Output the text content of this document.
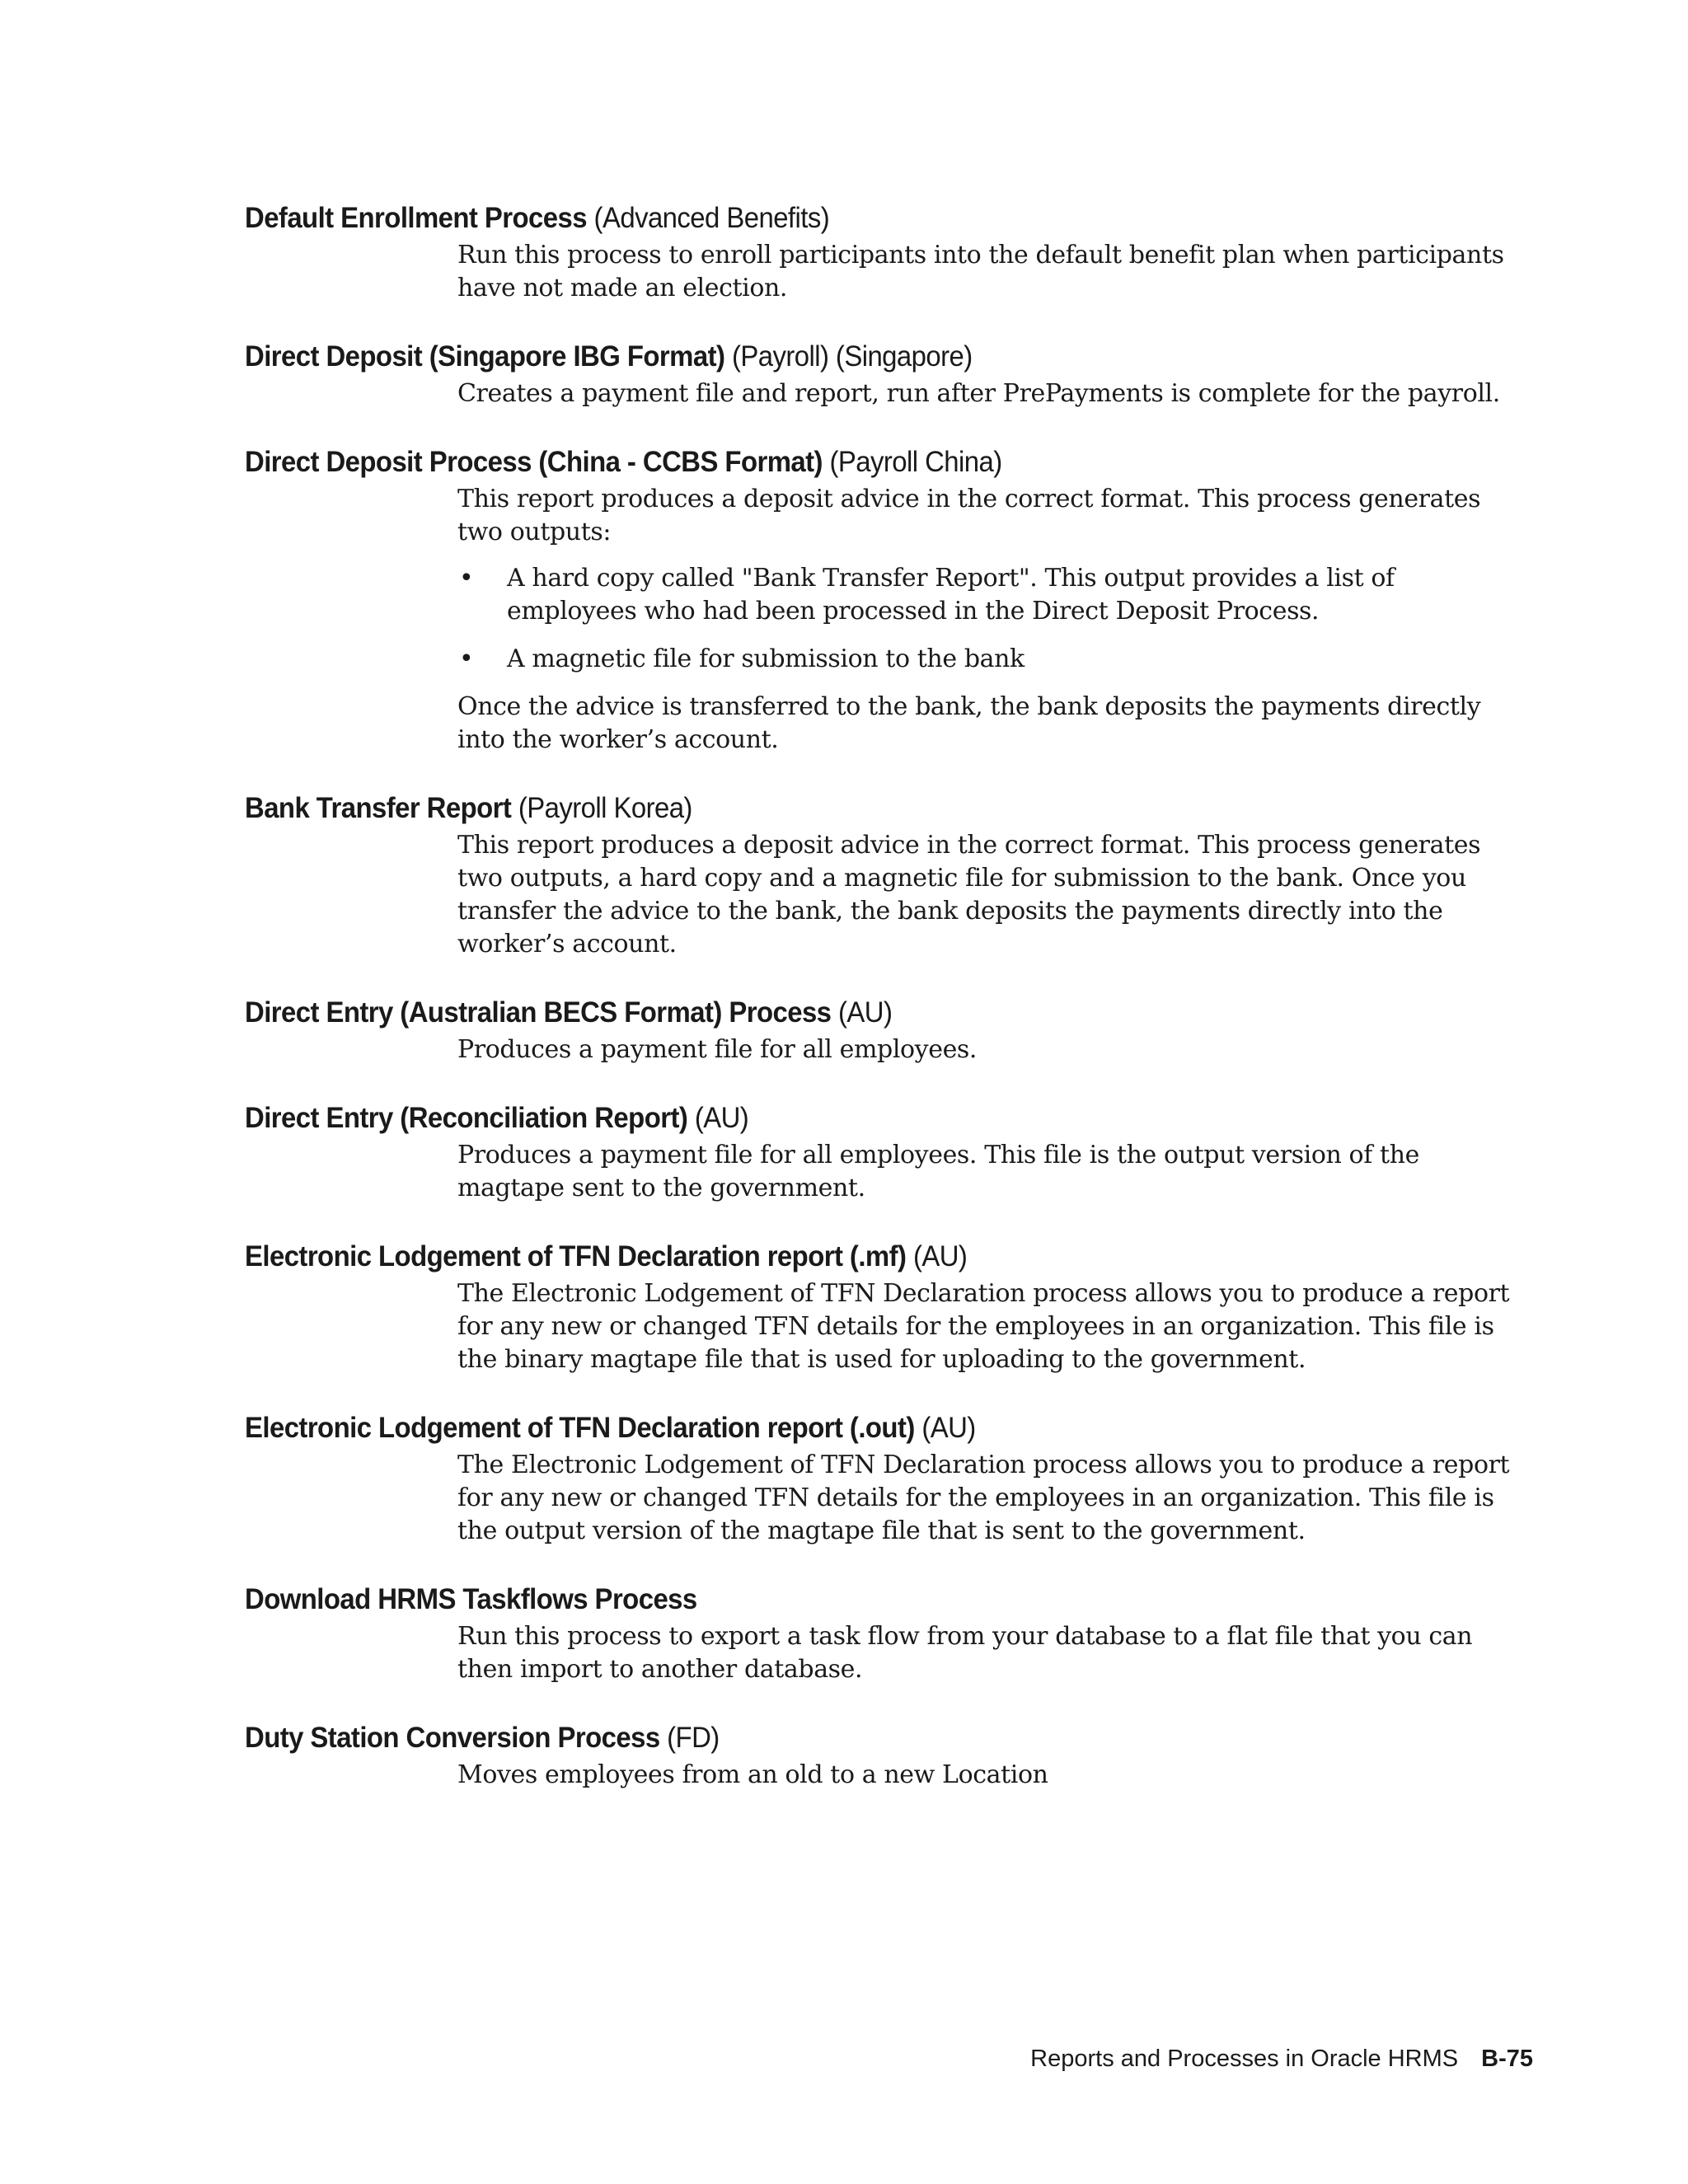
Default Enrollment Process (Advanced Benefits)

Run this process to enroll participants into the default benefit plan when participants have not made an election.

Direct Deposit (Singapore IBG Format) (Payroll) (Singapore)

Creates a payment file and report, run after PrePayments is complete for the payroll.

Direct Deposit Process (China - CCBS Format) (Payroll China)

This report produces a deposit advice in the correct format. This process generates two outputs:

• A hard copy called "Bank Transfer Report". This output provides a list of employees who had been processed in the Direct Deposit Process.
• A magnetic file for submission to the bank

Once the advice is transferred to the bank, the bank deposits the payments directly into the worker’s account.

Bank Transfer Report (Payroll Korea)

This report produces a deposit advice in the correct format. This process generates two outputs, a hard copy and a magnetic file for submission to the bank. Once you transfer the advice to the bank, the bank deposits the payments directly into the worker’s account.

Direct Entry (Australian BECS Format) Process (AU)

Produces a payment file for all employees.

Direct Entry (Reconciliation Report) (AU)

Produces a payment file for all employees. This file is the output version of the magtape sent to the government.

Electronic Lodgement of TFN Declaration report (.mf) (AU)

The Electronic Lodgement of TFN Declaration process allows you to produce a report for any new or changed TFN details for the employees in an organization. This file is the binary magtape file that is used for uploading to the government.

Electronic Lodgement of TFN Declaration report (.out) (AU)

The Electronic Lodgement of TFN Declaration process allows you to produce a report for any new or changed TFN details for the employees in an organization. This file is the output version of the magtape file that is sent to the government.

Download HRMS Taskflows Process

Run this process to export a task flow from your database to a flat file that you can then import to another database.

Duty Station Conversion Process (FD)

Moves employees from an old to a new Location

Reports and Processes in Oracle HRMS B-75
